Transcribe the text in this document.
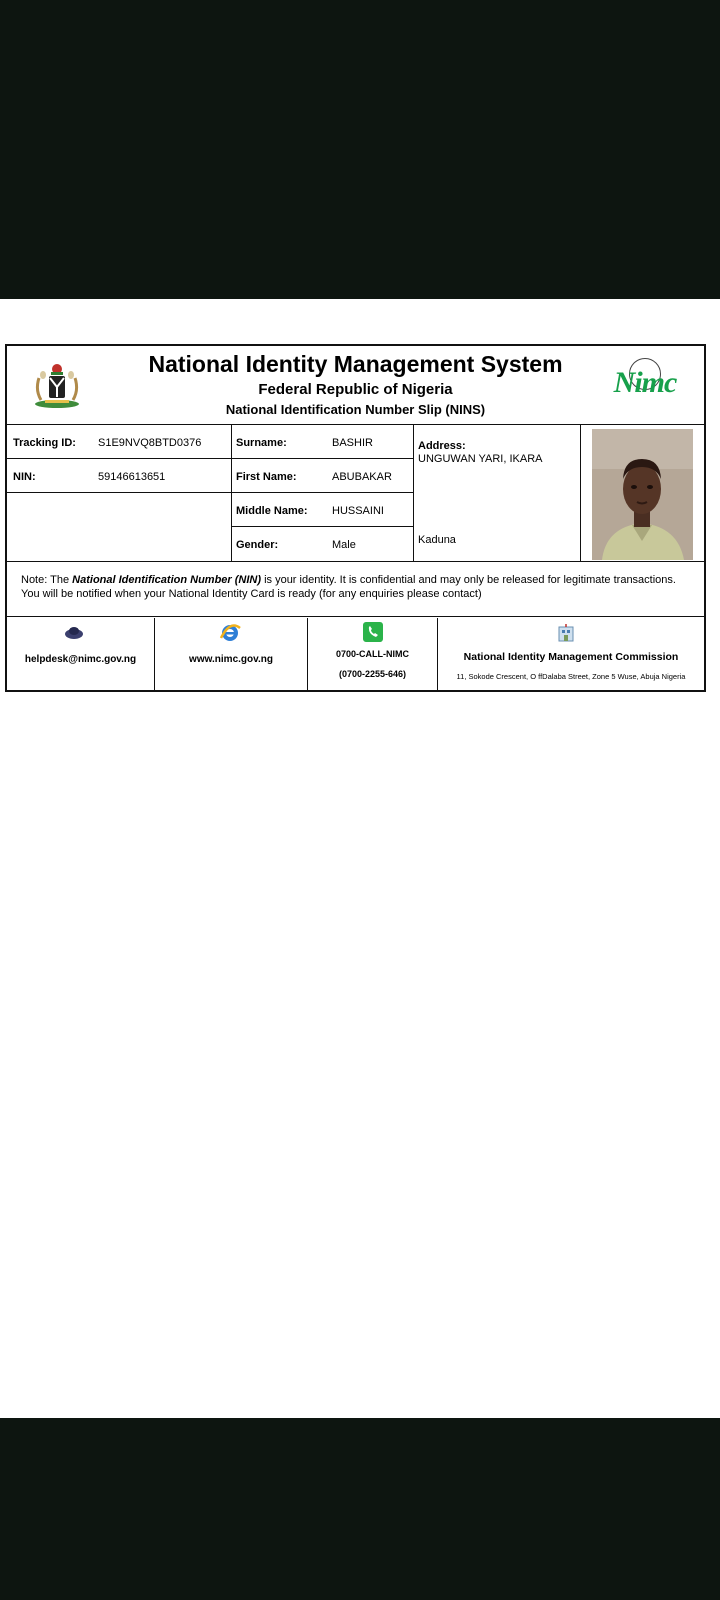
National Identity Management System
Federal Republic of Nigeria
National Identification Number Slip (NINS)
Nimc
Tracking ID: S1E9NVQ8BTD0376
NIN:	59146613651
Surname:	BASHIR
First Name:	ABUBAKAR
Middle Name: HUSSAINI
Gender:	Male
Address:
UNGUWAN YARI, IKARA
Kaduna

Note: The National Identification Number (NIN) is your identity. It is confidential and may only be released for legitimate transactions.

You will be notified when your National Identity Card is ready (for any enquiries please contact)

helpdesk@nimc.gov.ng	www.nimc.gov.ng	0700-CALL-NIMC
(0700-2255-646)
National Identity Management Commission
11, Sokode Crescent, O ffDalaba Street, Zone 5 Wuse, Abuja Nigeria
